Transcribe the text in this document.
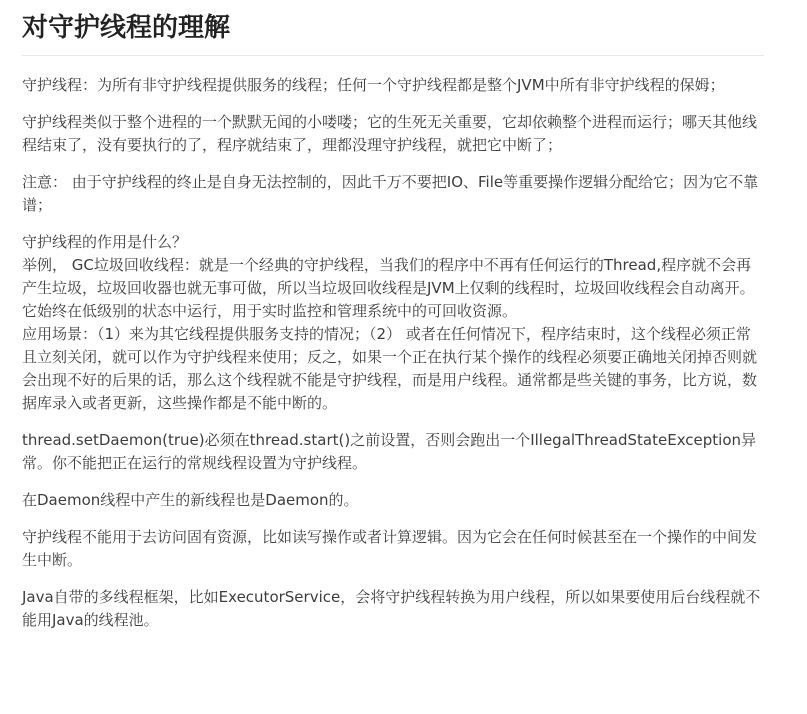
对守护线程的理解

守护线程：为所有非守护线程提供服务的线程；任何一个守护线程都是整个JVM中所有非守护线程的保姆；

守护线程类似于整个进程的一个默默无闻的小喽喽；它的生死无关重要，它却依赖整个进程而运行；哪天其他线程结束了，没有要执行的了，程序就结束了，理都没理守护线程，就把它中断了；

注意： 由于守护线程的终止是自身无法控制的，因此千万不要把IO、File等重要操作逻辑分配给它；因为它不靠谱；

守护线程的作用是什么？
举例， GC垃圾回收线程：就是一个经典的守护线程，当我们的程序中不再有任何运行的Thread,程序就不会再产生垃圾，垃圾回收器也就无事可做，所以当垃圾回收线程是JVM上仅剩的线程时，垃圾回收线程会自动离开。它始终在低级别的状态中运行，用于实时监控和管理系统中的可回收资源。
应用场景：（1）来为其它线程提供服务支持的情况；（2） 或者在任何情况下，程序结束时，这个线程必须正常且立刻关闭，就可以作为守护线程来使用；反之，如果一个正在执行某个操作的线程必须要正确地关闭掉否则就会出现不好的后果的话，那么这个线程就不能是守护线程，而是用户线程。通常都是些关键的事务，比方说，数据库录入或者更新，这些操作都是不能中断的。

thread.setDaemon(true)必须在thread.start()之前设置，否则会跑出一个IllegalThreadStateException异常。你不能把正在运行的常规线程设置为守护线程。

在Daemon线程中产生的新线程也是Daemon的。

守护线程不能用于去访问固有资源，比如读写操作或者计算逻辑。因为它会在任何时候甚至在一个操作的中间发生中断。

Java自带的多线程框架，比如ExecutorService，会将守护线程转换为用户线程，所以如果要使用后台线程就不能用Java的线程池。
